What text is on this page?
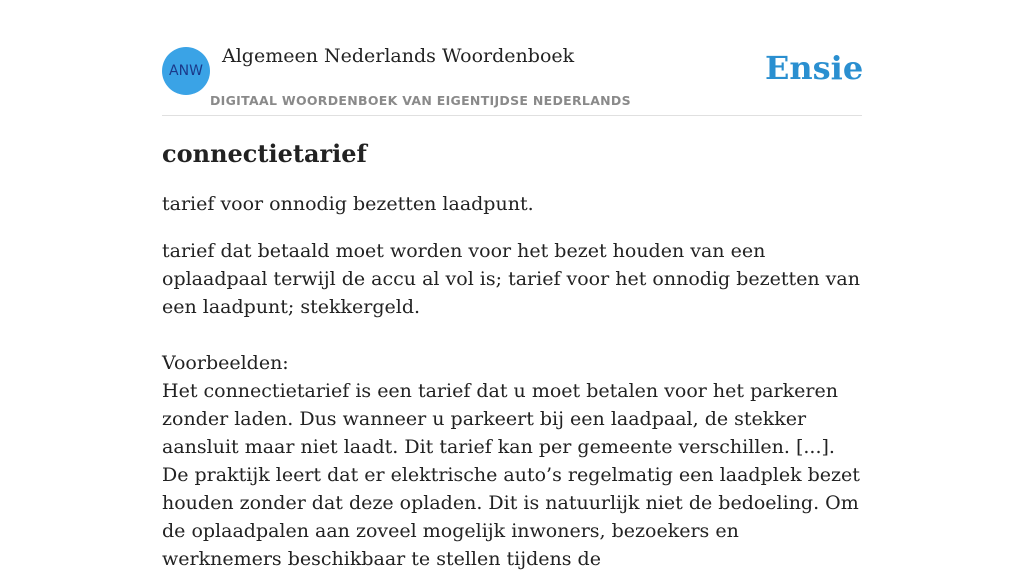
ANW
Algemeen Nederlands Woordenboek
DIGITAAL WOORDENBOEK VAN EIGENTIJDSE NEDERLANDS
Ensie
connectietarief

tarief voor onnodig bezetten laadpunt.

tarief dat betaald moet worden voor het bezet houden van een oplaadpaal terwijl de accu al vol is; tarief voor het onnodig bezetten van een laadpunt; stekkergeld.

Voorbeelden:

Het connectietarief is een tarief dat u moet betalen voor het parkeren zonder laden. Dus wanneer u parkeert bij een laadpaal, de stekker aansluit maar niet laadt. Dit tarief kan per gemeente verschillen. [...]. De praktijk leert dat er elektrische auto’s regelmatig een laadplek bezet houden zonder dat deze opladen. Dit is natuurlijk niet de bedoeling. Om de oplaadpalen aan zoveel mogelijk inwoners, bezoekers en werknemers beschikbaar te stellen tijdens de
